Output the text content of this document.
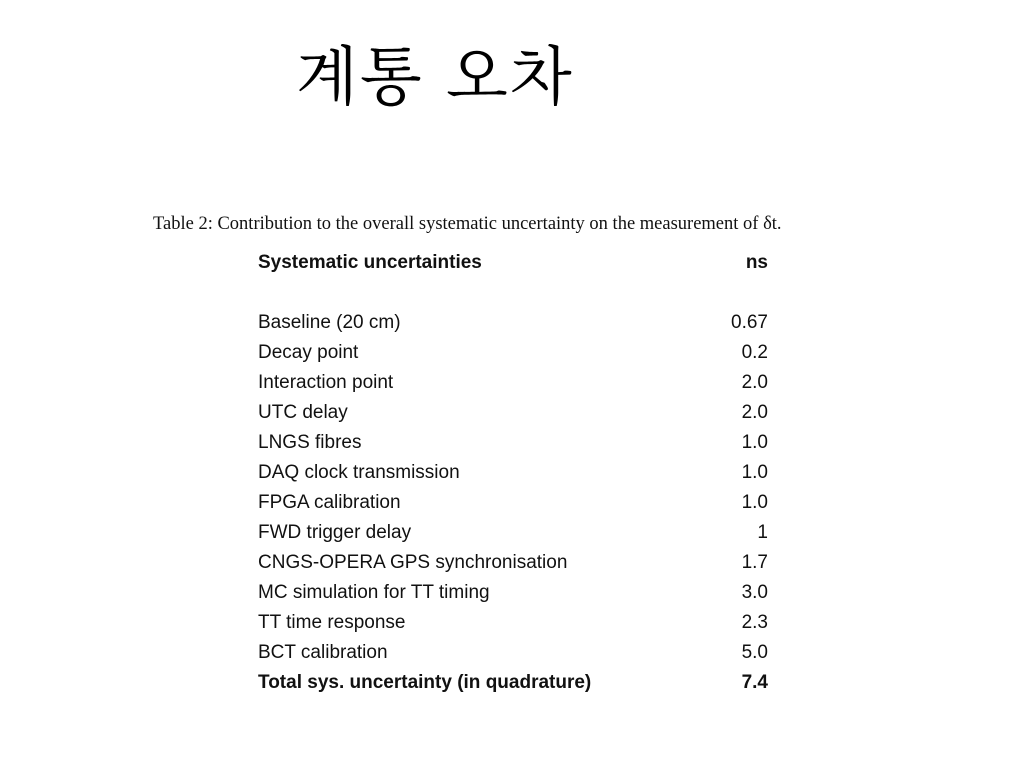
계통 오차
Table 2: Contribution to the overall systematic uncertainty on the measurement of δt.
Systematic uncertainties	ns
Baseline (20 cm)	0.67
Decay point	0.2
Interaction point	2.0
UTC delay	2.0
LNGS fibres	1.0
DAQ clock transmission	1.0
FPGA calibration	1.0
FWD trigger delay	1
CNGS-OPERA GPS synchronisation	1.7
MC simulation for TT timing	3.0
TT time response	2.3
BCT calibration	5.0
Total sys. uncertainty (in quadrature)	7.4
